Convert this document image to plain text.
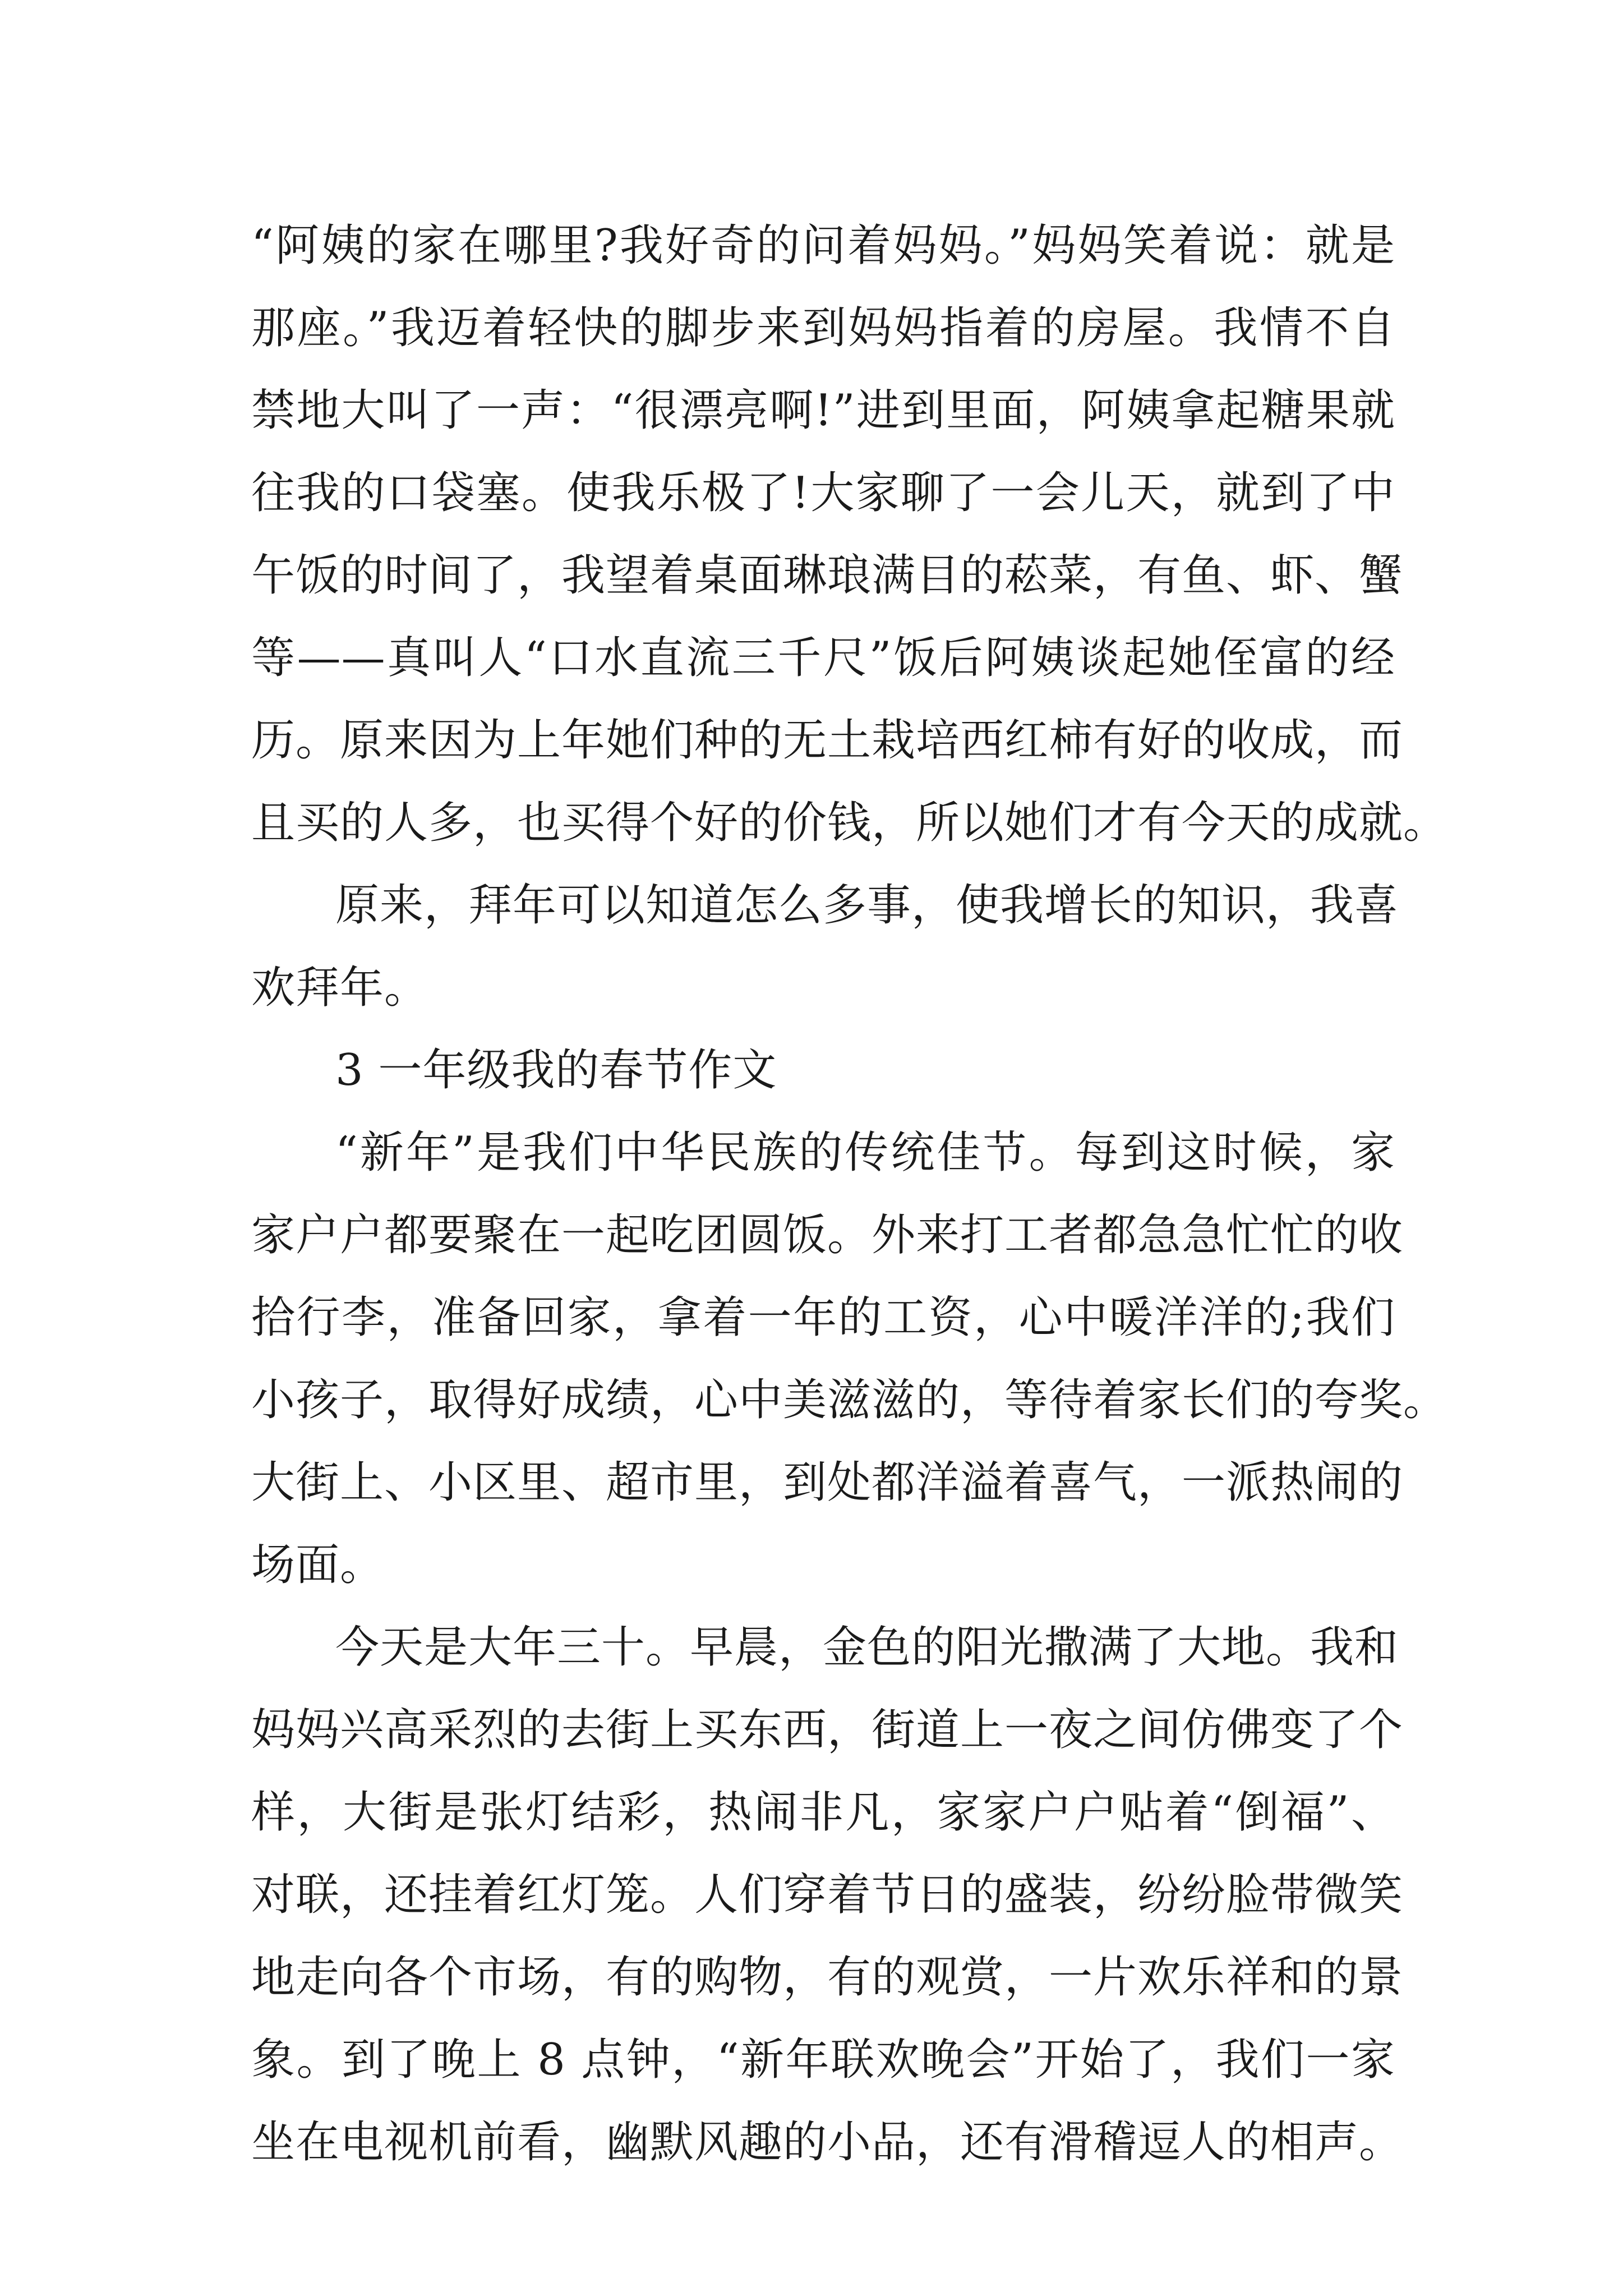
“阿姨的家在哪里?我好奇的问着妈妈。”妈妈笑着说：就是
那座。”我迈着轻快的脚步来到妈妈指着的房屋。我情不自
禁地大叫了一声：“很漂亮啊!”进到里面，阿姨拿起糖果就
往我的口袋塞。使我乐极了!大家聊了一会儿天，就到了中
午饭的时间了，我望着桌面琳琅满目的菘菜，有鱼、虾、蟹
等——真叫人“口水直流三千尺”饭后阿姨谈起她侄富的经
历。原来因为上年她们种的无土栽培西红柿有好的收成，而
且买的人多，也买得个好的价钱，所以她们才有今天的成就。
原来，拜年可以知道怎么多事，使我增长的知识，我喜
欢拜年。
3 一年级我的春节作文
“新年”是我们中华民族的传统佳节。每到这时候，家
家户户都要聚在一起吃团圆饭。外来打工者都急急忙忙的收
拾行李，准备回家，拿着一年的工资，心中暖洋洋的;我们
小孩子，取得好成绩，心中美滋滋的，等待着家长们的夸奖。
大街上、小区里、超市里，到处都洋溢着喜气，一派热闹的
场面。
今天是大年三十。早晨，金色的阳光撒满了大地。我和
妈妈兴高采烈的去街上买东西，街道上一夜之间仿佛变了个
样，大街是张灯结彩，热闹非凡，家家户户贴着“倒福”、
对联，还挂着红灯笼。人们穿着节日的盛装，纷纷脸带微笑
地走向各个市场，有的购物，有的观赏，一片欢乐祥和的景
象。到了晚上 8 点钟，“新年联欢晚会”开始了，我们一家
坐在电视机前看，幽默风趣的小品，还有滑稽逗人的相声。
